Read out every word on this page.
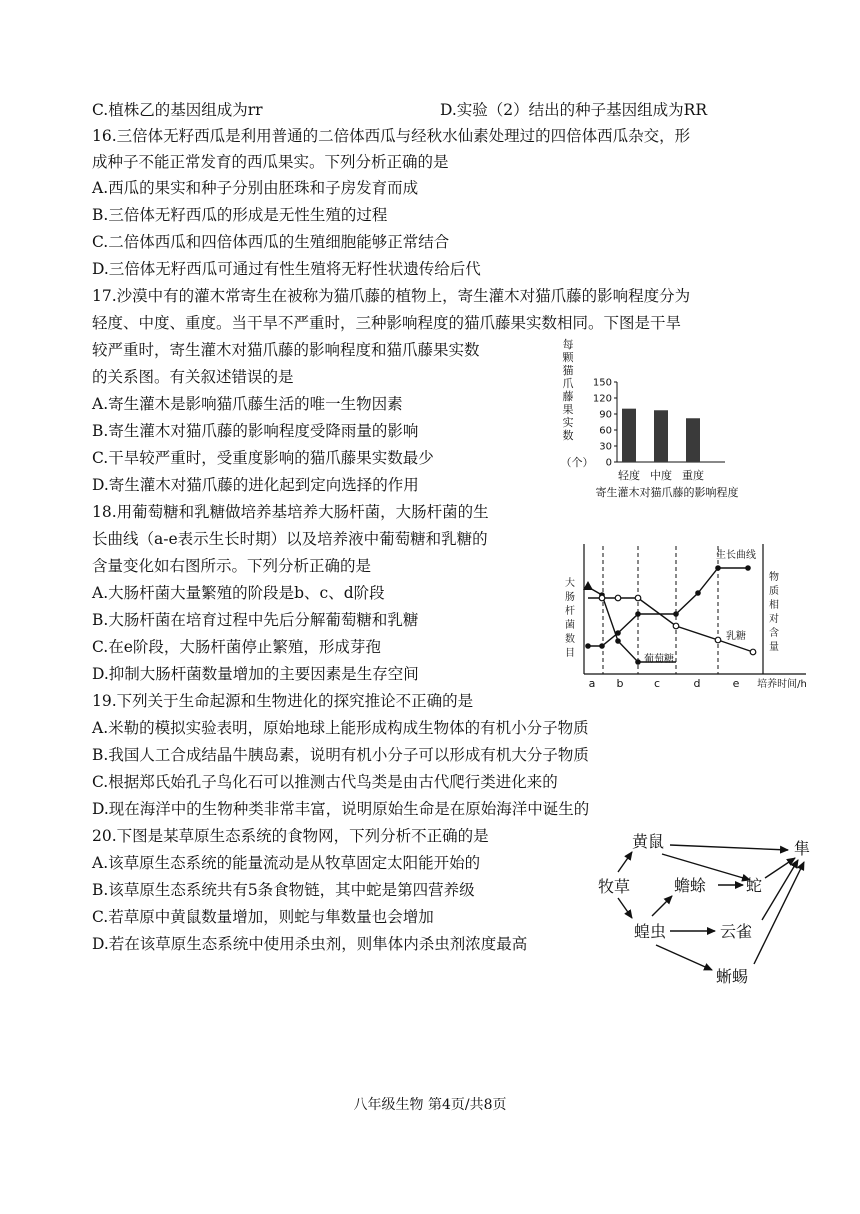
C.植株乙的基因组成为rr	D.实验（2）结出的种子基因组成为RR
16.三倍体无籽西瓜是利用普通的二倍体西瓜与经秋水仙素处理过的四倍体西瓜杂交，形
成种子不能正常发育的西瓜果实。下列分析正确的是
A.西瓜的果实和种子分别由胚珠和子房发育而成
B.三倍体无籽西瓜的形成是无性生殖的过程
C.二倍体西瓜和四倍体西瓜的生殖细胞能够正常结合
D.三倍体无籽西瓜可通过有性生殖将无籽性状遗传给后代
17.沙漠中有的灌木常寄生在被称为猫爪藤的植物上，寄生灌木对猫爪藤的影响程度分为
轻度、中度、重度。当干旱不严重时，三种影响程度的猫爪藤果实数相同。下图是干旱
较严重时，寄生灌木对猫爪藤的影响程度和猫爪藤果实数
的关系图。有关叙述错误的是
A.寄生灌木是影响猫爪藤生活的唯一生物因素
B.寄生灌木对猫爪藤的影响程度受降雨量的影响
C.干旱较严重时，受重度影响的猫爪藤果实数最少
D.寄生灌木对猫爪藤的进化起到定向选择的作用
18.用葡萄糖和乳糖做培养基培养大肠杆菌，大肠杆菌的生
长曲线（a-e表示生长时期）以及培养液中葡萄糖和乳糖的
含量变化如右图所示。下列分析正确的是
A.大肠杆菌大量繁殖的阶段是b、c、d阶段
B.大肠杆菌在培育过程中先后分解葡萄糖和乳糖
C.在e阶段，大肠杆菌停止繁殖，形成芽孢
D.抑制大肠杆菌数量增加的主要因素是生存空间
19.下列关于生命起源和生物进化的探究推论不正确的是
A.米勒的模拟实验表明，原始地球上能形成构成生物体的有机小分子物质
B.我国人工合成结晶牛胰岛素，说明有机小分子可以形成有机大分子物质
C.根据郑氏始孔子鸟化石可以推测古代鸟类是由古代爬行类进化来的
D.现在海洋中的生物种类非常丰富，说明原始生命是在原始海洋中诞生的
20.下图是某草原生态系统的食物网，下列分析不正确的是
A.该草原生态系统的能量流动是从牧草固定太阳能开始的
B.该草原生态系统共有5条食物链，其中蛇是第四营养级
C.若草原中黄鼠数量增加，则蛇与隼数量也会增加
D.若在该草原生态系统中使用杀虫剂，则隼体内杀虫剂浓度最高
每
颗
猫
爪
藤
果
实
数
（个）
150
120
90
60
30
0
轻度 中度 重度
寄生灌木对猫爪藤的影响程度
大
肠
杆
菌
数
目
物
质
相
对
含
量
a b	c	d	e 培养时间/h
生长曲线
葡萄糖
乳糖
牧草
黄鼠	隼
蟾蜍 蛇
蝗虫	云雀
蜥蜴
八年级生物 第4页/共8页
